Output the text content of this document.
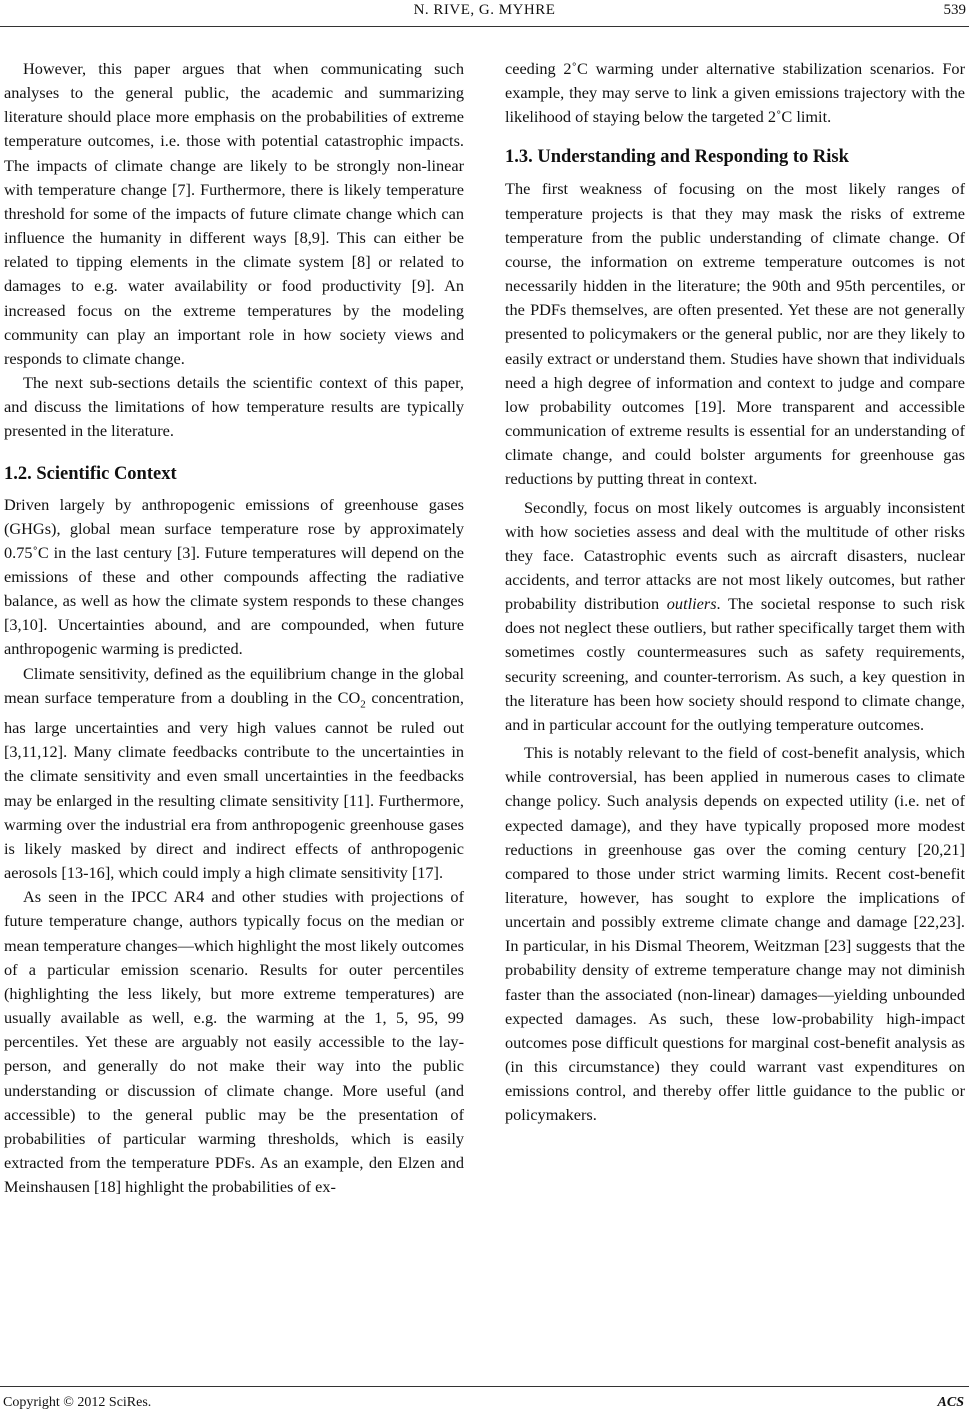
N. RIVE, G. MYHRE	539

However, this paper argues that when communicating such analyses to the general public, the academic and summarizing literature should place more emphasis on the probabilities of extreme temperature outcomes, i.e. those with potential catastrophic impacts. The impacts of climate change are likely to be strongly non-linear with temperature change [7]. Furthermore, there is likely temperature threshold for some of the impacts of future climate change which can influence the humanity in different ways [8,9]. This can either be related to tipping elements in the climate system [8] or related to damages to e.g. water availability or food productivity [9]. An increased focus on the extreme temperatures by the modeling community can play an important role in how society views and responds to climate change.

The next sub-sections details the scientific context of this paper, and discuss the limitations of how temperature results are typically presented in the literature.

1.2. Scientific Context

Driven largely by anthropogenic emissions of greenhouse gases (GHGs), global mean surface temperature rose by approximately 0.75˚C in the last century [3]. Future temperatures will depend on the emissions of these and other compounds affecting the radiative balance, as well as how the climate system responds to these changes [3,10]. Uncertainties abound, and are compounded, when future anthropogenic warming is predicted.

Climate sensitivity, defined as the equilibrium change in the global mean surface temperature from a doubling in the $CO_2$ concentration, has large uncertainties and very high values cannot be ruled out [3,11,12]. Many climate feedbacks contribute to the uncertainties in the climate sensitivity and even small uncertainties in the feedbacks may be enlarged in the resulting climate sensitivity [11]. Furthermore, warming over the industrial era from anthropogenic greenhouse gases is likely masked by direct and indirect effects of anthropogenic aerosols [13-16], which could imply a high climate sensitivity [17].

As seen in the IPCC AR4 and other studies with projections of future temperature change, authors typically focus on the median or mean temperature changes—which highlight the most likely outcomes of a particular emission scenario. Results for outer percentiles (highlighting the less likely, but more extreme temperatures) are usually available as well, e.g. the warming at the 1, 5, 95, 99 percentiles. Yet these are arguably not easily accessible to the lay-person, and generally do not make their way into the public understanding or discussion of climate change. More useful (and accessible) to the general public may be the presentation of probabilities of particular warming thresholds, which is easily extracted from the temperature PDFs. As an example, den Elzen and Meinshausen [18] highlight the probabilities of ex-

ceeding 2˚C warming under alternative stabilization scenarios. For example, they may serve to link a given emissions trajectory with the likelihood of staying below the targeted 2˚C limit.

1.3. Understanding and Responding to Risk

The first weakness of focusing on the most likely ranges of temperature projects is that they may mask the risks of extreme temperature from the public understanding of climate change. Of course, the information on extreme temperature outcomes is not necessarily hidden in the literature; the 90th and 95th percentiles, or the PDFs themselves, are often presented. Yet these are not generally presented to policymakers or the general public, nor are they likely to easily extract or understand them. Studies have shown that individuals need a high degree of information and context to judge and compare low probability outcomes [19]. More transparent and accessible communication of extreme results is essential for an understanding of climate change, and could bolster arguments for greenhouse gas reductions by putting threat in context.

Secondly, focus on most likely outcomes is arguably inconsistent with how societies assess and deal with the multitude of other risks they face. Catastrophic events such as aircraft disasters, nuclear accidents, and terror attacks are not most likely outcomes, but rather probability distribution outliers. The societal response to such risk does not neglect these outliers, but rather specifically target them with sometimes costly countermeasures such as safety requirements, security screening, and counter-terrorism. As such, a key question in the literature has been how society should respond to climate change, and in particular account for the outlying temperature outcomes.

This is notably relevant to the field of cost-benefit analysis, which while controversial, has been applied in numerous cases to climate change policy. Such analysis depends on expected utility (i.e. net of expected damage), and they have typically proposed more modest reductions in greenhouse gas over the coming century [20,21] compared to those under strict warming limits. Recent cost-benefit literature, however, has sought to explore the implications of uncertain and possibly extreme climate change and damage [22,23]. In particular, in his Dismal Theorem, Weitzman [23] suggests that the probability density of extreme temperature change may not diminish faster than the associated (non-linear) damages—yielding unbounded expected damages. As such, these low-probability high-impact outcomes pose difficult questions for marginal cost-benefit analysis as (in this circumstance) they could warrant vast expenditures on emissions control, and thereby offer little guidance to the public or policymakers.

Copyright © 2012 SciRes.	ACS
